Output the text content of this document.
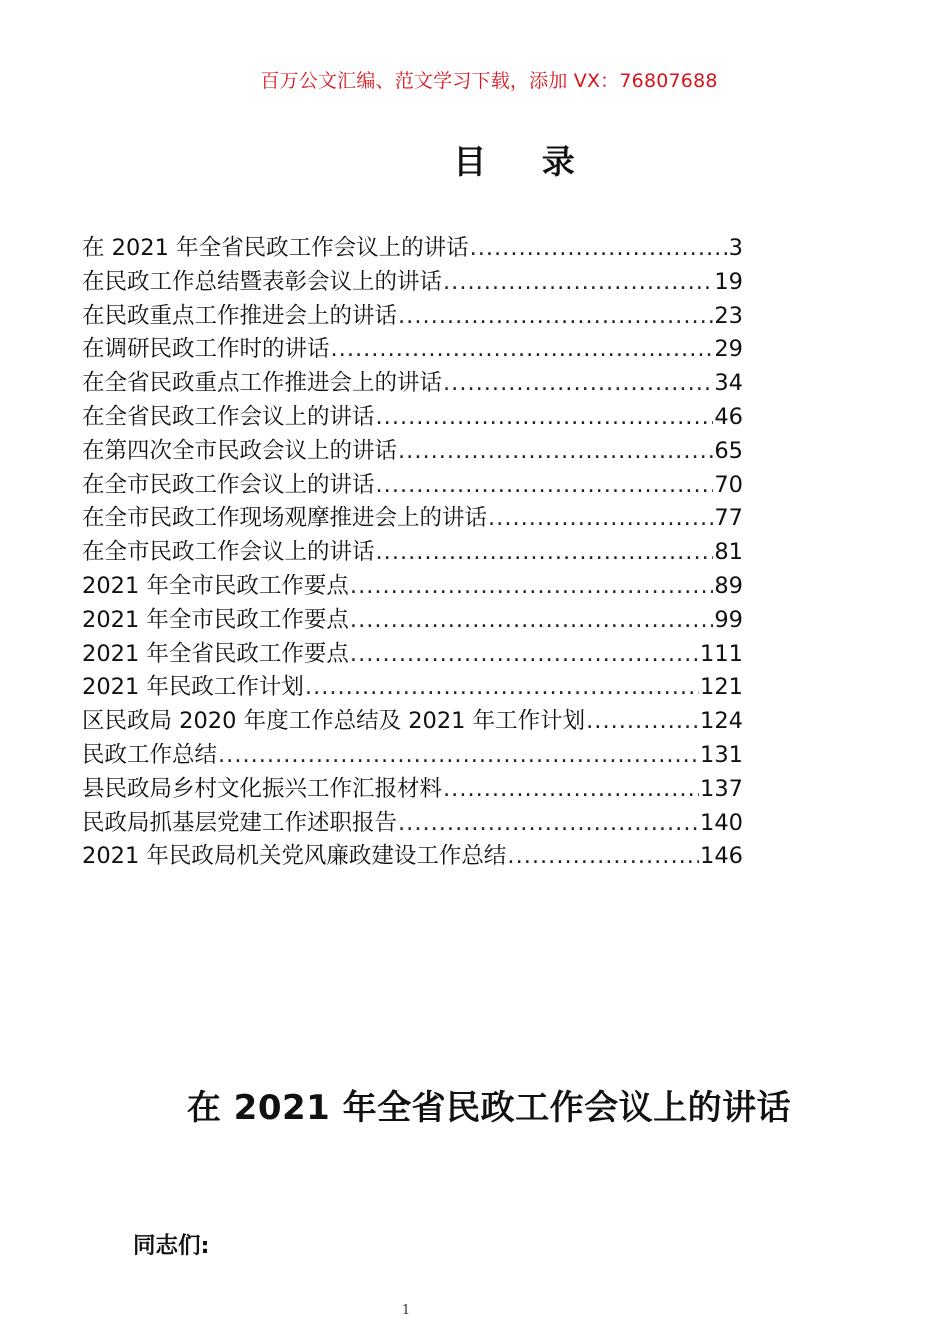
百万公文汇编、范文学习下载，添加 VX：76807688
目 录
在 2021 年全省民政工作会议上的讲话 .....	3
在民政工作总结暨表彰会议上的讲话 .....	19
在民政重点工作推进会上的讲话 .....	23
在调研民政工作时的讲话 .....	29
在全省民政重点工作推进会上的讲话 .....	34
在全省民政工作会议上的讲话 .....	46
在第四次全市民政会议上的讲话 .....	65
在全市民政工作会议上的讲话 .....	70
在全市民政工作现场观摩推进会上的讲话 .....	77
在全市民政工作会议上的讲话 .....	81
2021 年全市民政工作要点 .....	89
2021 年全市民政工作要点 .....	99
2021 年全省民政工作要点 .....	111
2021 年民政工作计划 .....	121
区民政局 2020 年度工作总结及 2021 年工作计划 .....	124
民政工作总结 .....	131
县民政局乡村文化振兴工作汇报材料 .....	137
民政局抓基层党建工作述职报告 .....	140
2021 年民政局机关党风廉政建设工作总结 .....	146
在 2021 年全省民政工作会议上的讲话
同志们:
1
